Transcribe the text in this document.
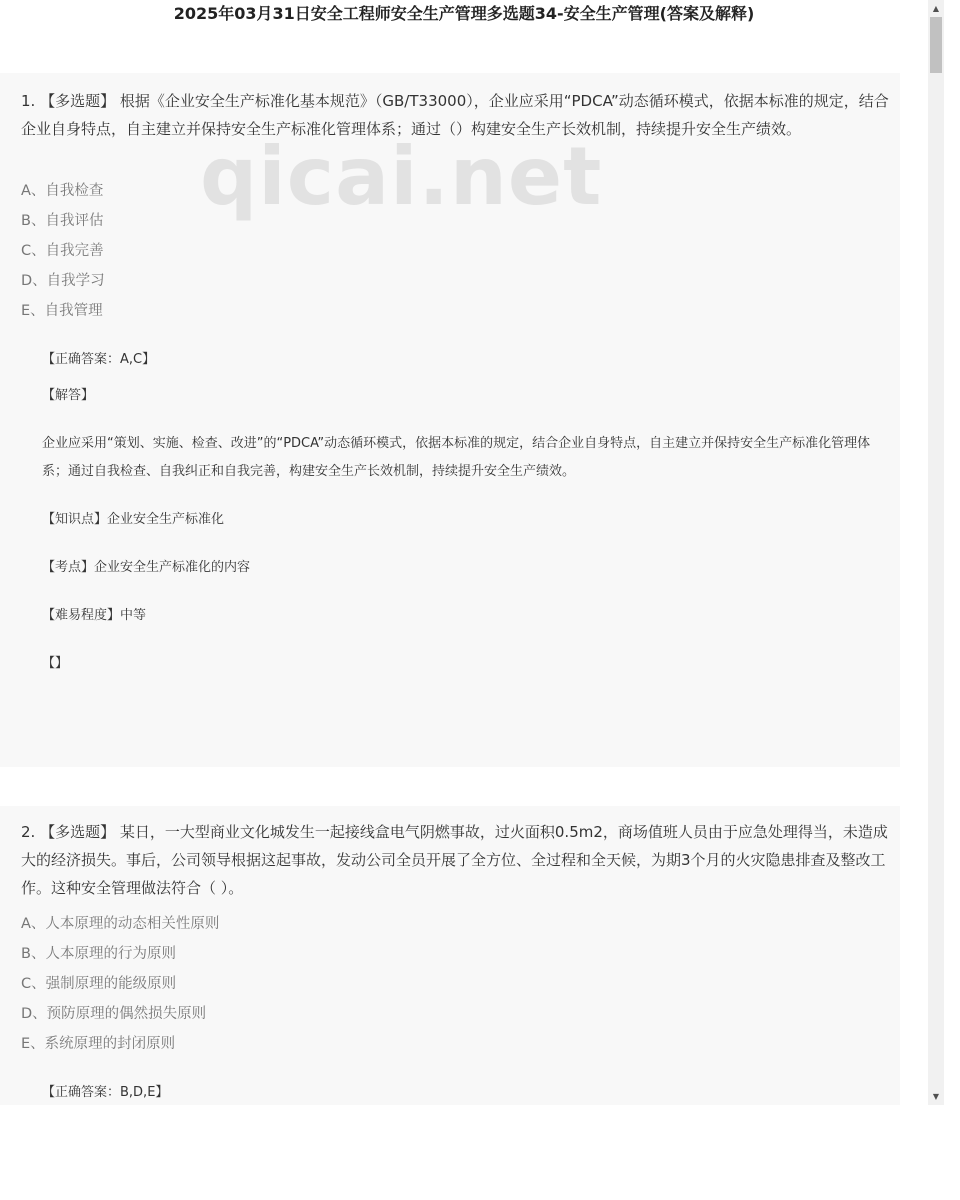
2025年03月31日安全工程师安全生产管理多选题34-安全生产管理(答案及解释)
1. 【多选题】 根据《企业安全生产标准化基本规范》（GB/T33000），企业应采用“PDCA”动态循环模式，依据本标准的规定，结合企业自身特点，自主建立并保持安全生产标准化管理体系；通过（）构建安全生产长效机制，持续提升安全生产绩效。
A、自我检查
B、自我评估
C、自我完善
D、自我学习
E、自我管理
【正确答案：A,C】
【解答】
企业应采用“策划、实施、检查、改进”的“PDCA”动态循环模式，依据本标准的规定，结合企业自身特点，自主建立并保持安全生产标准化管理体系；通过自我检查、自我纠正和自我完善，构建安全生产长效机制，持续提升安全生产绩效。
【知识点】企业安全生产标准化
【考点】企业安全生产标准化的内容
【难易程度】中等
【】
qicai.net
2. 【多选题】 某日，一大型商业文化城发生一起接线盒电气阴燃事故，过火面积0.5m2，商场值班人员由于应急处理得当，未造成大的经济损失。事后，公司领导根据这起事故，发动公司全员开展了全方位、全过程和全天候，为期3个月的火灾隐患排查及整改工作。这种安全管理做法符合（ ）。
A、人本原理的动态相关性原则
B、人本原理的行为原则
C、强制原理的能级原则
D、预防原理的偶然损失原则
E、系统原理的封闭原则
【正确答案：B,D,E】
▲
▼
